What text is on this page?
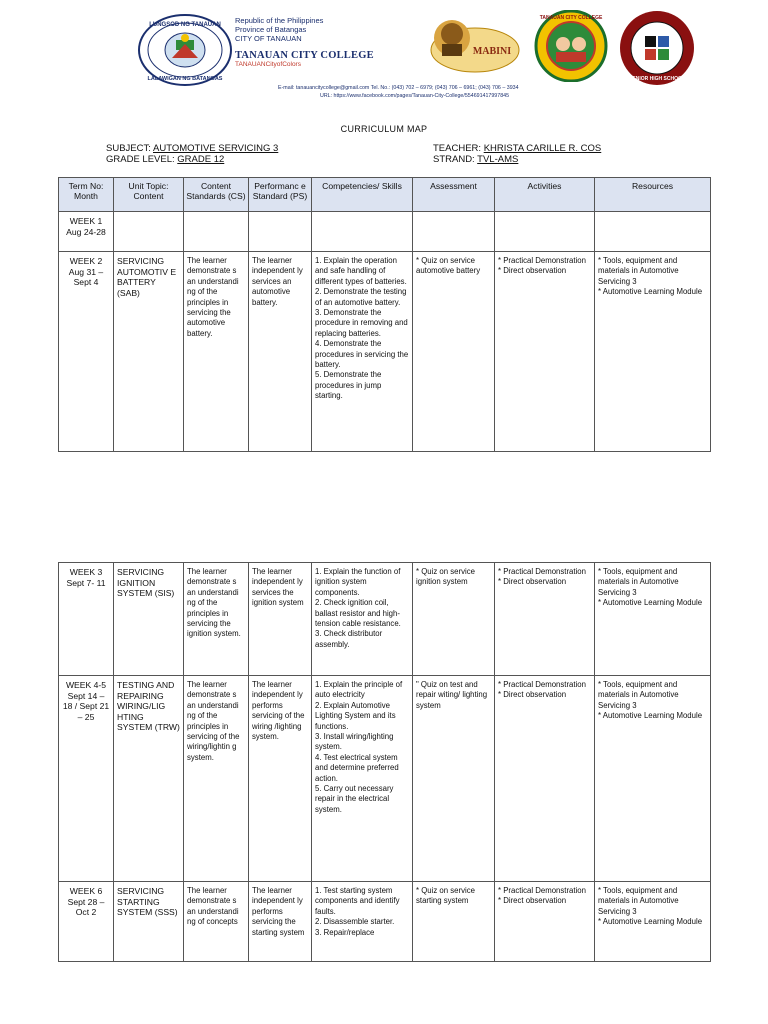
LUNGSOD NG TANAUAN
LALAWIGAN NG BATANGAS
Republic of the Philippines
Province of Batangas
CITY OF TANAUAN
TANAUAN CITY COLLEGE
TANAUANCityofColors
MABINI
TANAUAN CITY COLLEGE
SENIOR HIGH SCHOOL
E-mail: tanauancitycollege@gmail.com Tel. No.: (043) 702 – 6979; (043) 706 – 6961; (043) 706 – 3934
URL: https://www.facebook.com/pages/Tanauan-City-College/554691417997845
CURRICULUM MAP
SUBJECT: AUTOMOTIVE SERVICING 3
GRADE LEVEL: GRADE 12
TEACHER: KHRISTA CARILLE R. COS
STRAND: TVL-AMS
Term No: Month	Unit Topic: Content	Content Standards (CS)	Performanc e Standard (PS)	Competencies/ Skills	Assessment	Activities	Resources

WEEK 1
Aug 24-28							

WEEK 2
Aug 31 – Sept 4	SERVICING AUTOMOTIV E BATTERY (SAB)	The learner demonstrate s an understandi ng of the principles in servicing the automotive battery.	The learner independent ly services an automotive battery.	1. Explain the operation and safe handling of different types of batteries.
2. Demonstrate the testing of an automotive battery.
3. Demonstrate the procedure in removing and replacing batteries.
4. Demonstrate the procedures in servicing the battery.
5. Demonstrate the procedures in jump starting.	* Quiz on service automotive battery	* Practical Demonstration
* Direct observation	* Tools, equipment and materials in Automotive Servicing 3
* Automotive Learning Module
WEEK 3
Sept 7- 11	SERVICING IGNITION SYSTEM (SIS)	The learner demonstrate s an understandi ng of the principles in servicing the ignition system.	The learner independent ly services the ignition system	1. Explain the function of ignition system components.
2. Check ignition coil, ballast resistor and high-tension cable resistance.
3. Check distributor assembly.	* Quiz on service ignition system	* Practical Demonstration
* Direct observation	* Tools, equipment and materials in Automotive Servicing 3
* Automotive Learning Module

WEEK 4-5
Sept 14 – 18 / Sept 21 – 25	TESTING AND REPAIRING WIRING/LIG HTING SYSTEM (TRW)	The learner demonstrate s an understandi ng of the principles in servicing of the wiring/lightin g system.	The learner independent ly performs servicing of the wiring /lighting system.	1. Explain the principle of auto electricity
2. Explain Automotive Lighting System and its functions.
3. Install wiring/lighting system.
4. Test electrical system and determine preferred action.
5. Carry out necessary repair in the electrical system.	" Quiz on test and repair witing/ lighting system	* Practical Demonstration
* Direct observation	* Tools, equipment and materials in Automotive Servicing 3
* Automotive Learning Module

WEEK 6
Sept 28 – Oct 2	SERVICING STARTING SYSTEM (SSS)	The learner demonstrate s an understandi ng of concepts	The learner independent ly performs servicing the starting system	1. Test starting system components and identify faults.
2. Disassemble starter.
3. Repair/replace	* Quiz on service starting system	* Practical Demonstration
* Direct observation	* Tools, equipment and materials in Automotive Servicing 3
* Automotive Learning Module
